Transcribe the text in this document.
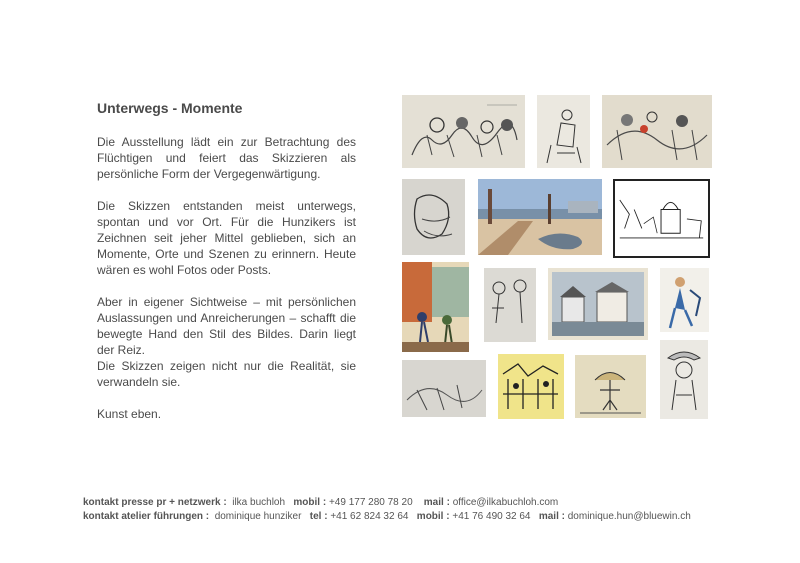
Unterwegs - Momente

Die Ausstellung lädt ein zur Betrachtung des Flüchtigen und feiert das Skizzieren als persönliche Form der Vergegenwärtigung.

Die Skizzen entstanden meist unterwegs, spontan und vor Ort. Für die Hunzikers ist Zeichnen seit jeher Mittel geblieben, sich an Momente, Orte und Szenen zu erinnern. Heute wären es wohl Fotos oder Posts.

Aber in eigener Sichtweise – mit persönlichen Auslassungen und Anreicherungen – schafft die bewegte Hand den Stil des Bildes. Darin liegt der Reiz.

Die Skizzen zeigen nicht nur die Realität, sie verwandeln sie.

Kunst eben.

kontakt presse pr + netzwerk : ilka buchloh mobil : +49 177 280 78 20 mail : office@ilkabuchloh.com
kontakt atelier führungen : dominique hunziker tel : +41 62 824 32 64 mobil : +41 76 490 32 64 mail : dominique.hun@bluewin.ch
